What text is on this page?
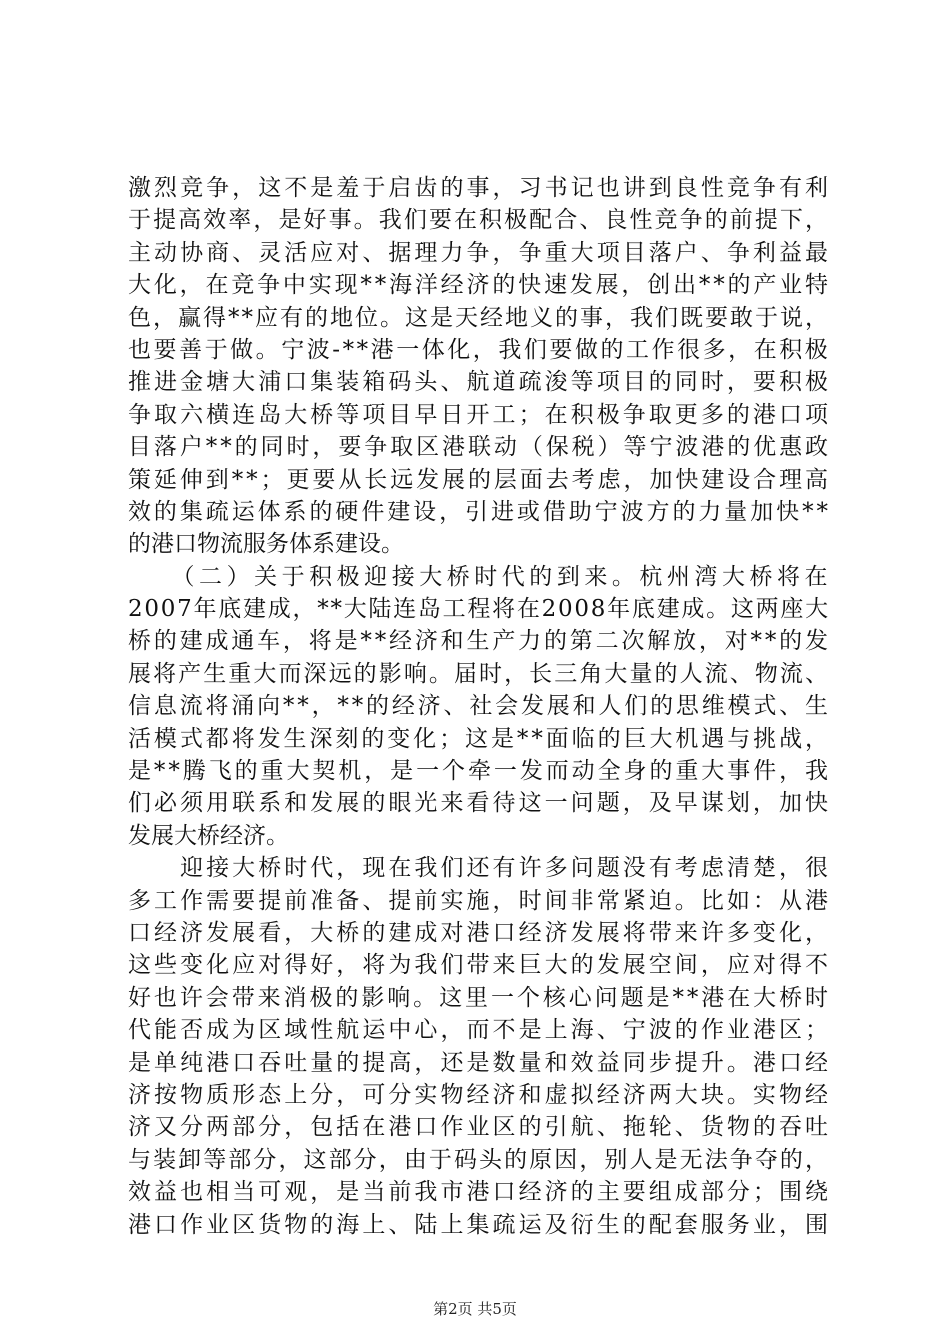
激烈竞争，这不是羞于启齿的事，习书记也讲到良性竞争有利
于提高效率，是好事。我们要在积极配合、良性竞争的前提下，
主动协商、灵活应对、据理力争，争重大项目落户、争利益最
大化，在竞争中实现**海洋经济的快速发展，创出**的产业特
色，赢得**应有的地位。这是天经地义的事，我们既要敢于说，
也要善于做。宁波-**港一体化，我们要做的工作很多，在积极
推进金塘大浦口集装箱码头、航道疏浚等项目的同时，要积极
争取六横连岛大桥等项目早日开工；在积极争取更多的港口项
目落户**的同时，要争取区港联动（保税）等宁波港的优惠政
策延伸到**；更要从长远发展的层面去考虑，加快建设合理高
效的集疏运体系的硬件建设，引进或借助宁波方的力量加快**
的港口物流服务体系建设。
　　（二）关于积极迎接大桥时代的到来。杭州湾大桥将在
2007年底建成，**大陆连岛工程将在2008年底建成。这两座大
桥的建成通车，将是**经济和生产力的第二次解放，对**的发
展将产生重大而深远的影响。届时，长三角大量的人流、物流、
信息流将涌向**，**的经济、社会发展和人们的思维模式、生
活模式都将发生深刻的变化；这是**面临的巨大机遇与挑战，
是**腾飞的重大契机，是一个牵一发而动全身的重大事件，我
们必须用联系和发展的眼光来看待这一问题，及早谋划，加快
发展大桥经济。
　　迎接大桥时代，现在我们还有许多问题没有考虑清楚，很
多工作需要提前准备、提前实施，时间非常紧迫。比如：从港
口经济发展看，大桥的建成对港口经济发展将带来许多变化，
这些变化应对得好，将为我们带来巨大的发展空间，应对得不
好也许会带来消极的影响。这里一个核心问题是**港在大桥时
代能否成为区域性航运中心，而不是上海、宁波的作业港区；
是单纯港口吞吐量的提高，还是数量和效益同步提升。港口经
济按物质形态上分，可分实物经济和虚拟经济两大块。实物经
济又分两部分，包括在港口作业区的引航、拖轮、货物的吞吐
与装卸等部分，这部分，由于码头的原因，别人是无法争夺的，
效益也相当可观，是当前我市港口经济的主要组成部分；围绕
港口作业区货物的海上、陆上集疏运及衍生的配套服务业，围
第2页 共5页
